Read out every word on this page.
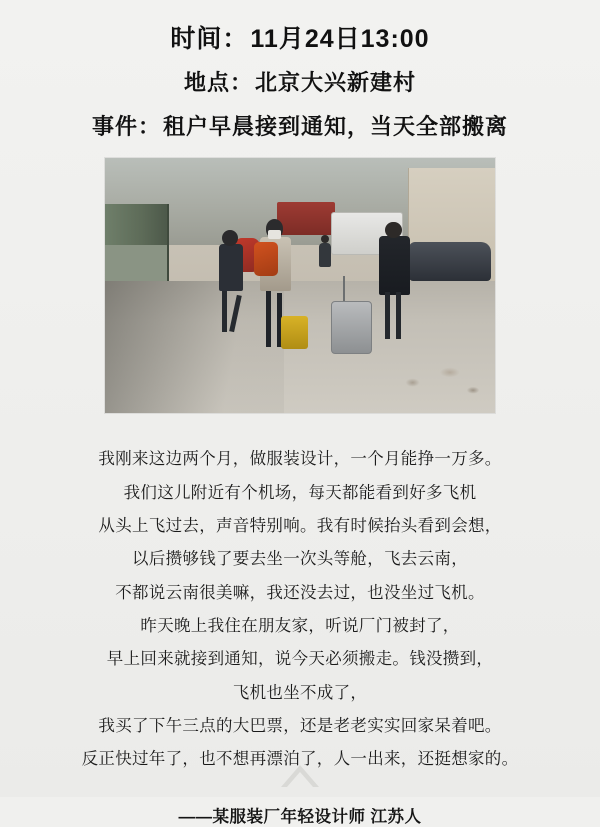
时间：11月24日13:00
地点：北京大兴新建村
事件：租户早晨接到通知，当天全部搬离

我刚来这边两个月，做服装设计，一个月能挣一万多。

我们这儿附近有个机场，每天都能看到好多飞机

从头上飞过去，声音特别响。我有时候抬头看到会想，

以后攒够钱了要去坐一次头等舱，飞去云南，

不都说云南很美嘛，我还没去过，也没坐过飞机。

昨天晚上我住在朋友家，听说厂门被封了，

早上回来就接到通知，说今天必须搬走。钱没攒到，

飞机也坐不成了，

我买了下午三点的大巴票，还是老老实实回家呆着吧。

反正快过年了，也不想再漂泊了，人一出来，还挺想家的。

——某服装厂年轻设计师 江苏人
